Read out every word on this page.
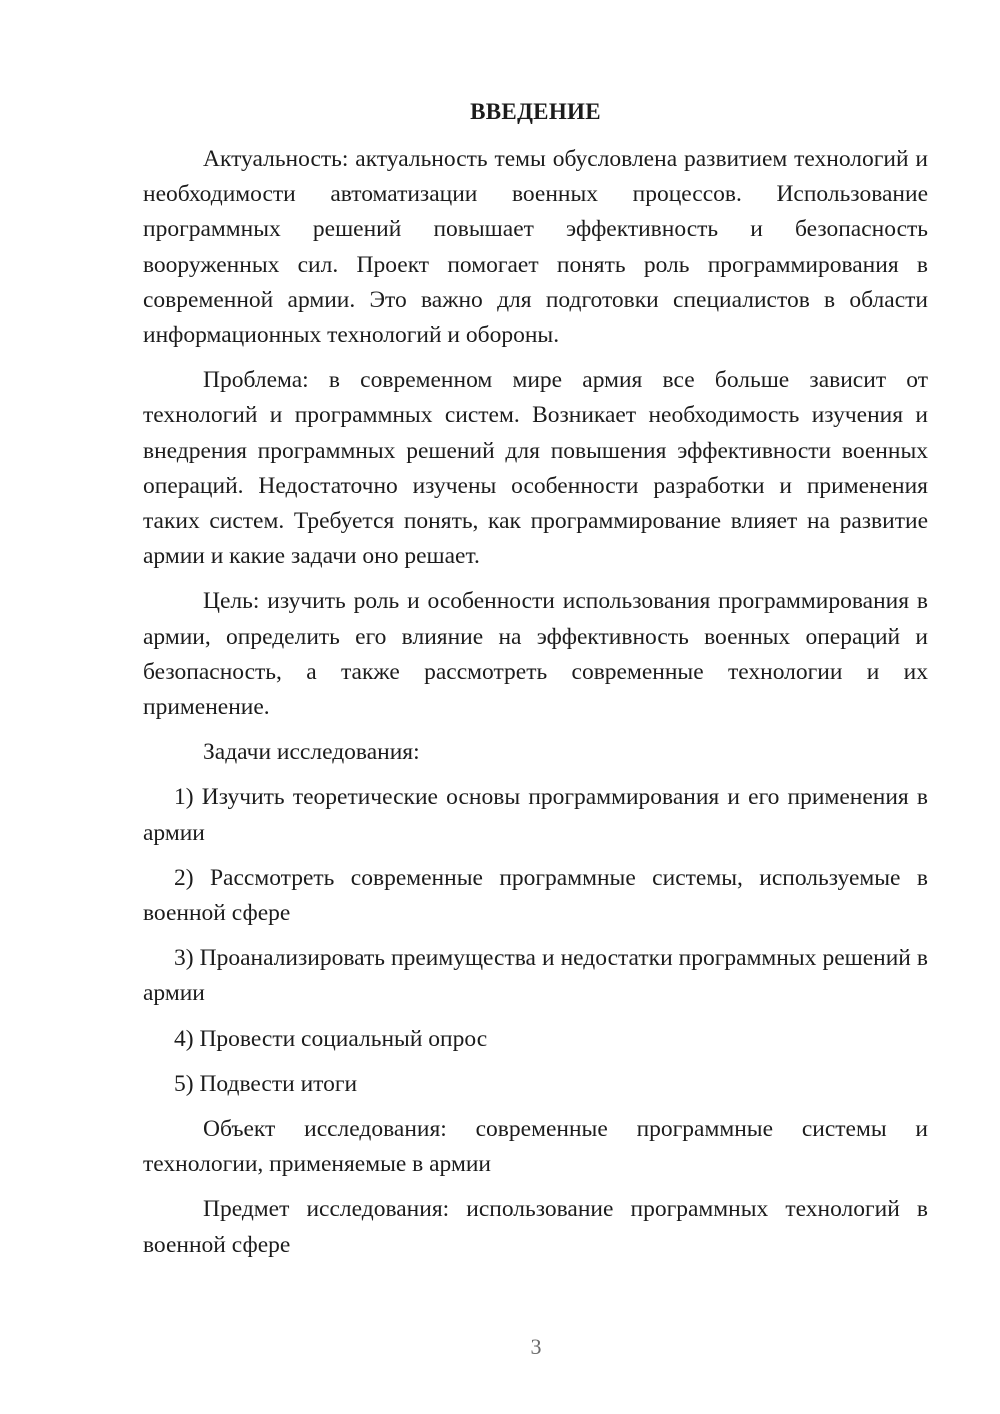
ВВЕДЕНИЕ

Актуальность: актуальность темы обусловлена развитием технологий и необходимости автоматизации военных процессов. Использование программных решений повышает эффективность и безопасность вооруженных сил. Проект помогает понять роль программирования в современной армии. Это важно для подготовки специалистов в области информационных технологий и обороны.

Проблема: в современном мире армия все больше зависит от технологий и программных систем. Возникает необходимость изучения и внедрения программных решений для повышения эффективности военных операций. Недостаточно изучены особенности разработки и применения таких систем. Требуется понять, как программирование влияет на развитие армии и какие задачи оно решает.

Цель: изучить роль и особенности использования программирования в армии, определить его влияние на эффективность военных операций и безопасность, а также рассмотреть современные технологии и их применение.

Задачи исследования:

1) Изучить теоретические основы программирования и его применения в армии

2) Рассмотреть современные программные системы, используемые в военной сфере

3) Проанализировать преимущества и недостатки программных решений в армии

4) Провести социальный опрос

5) Подвести итоги

Объект исследования: современные программные системы и технологии, применяемые в армии

Предмет исследования: использование программных технологий в военной сфере

3
